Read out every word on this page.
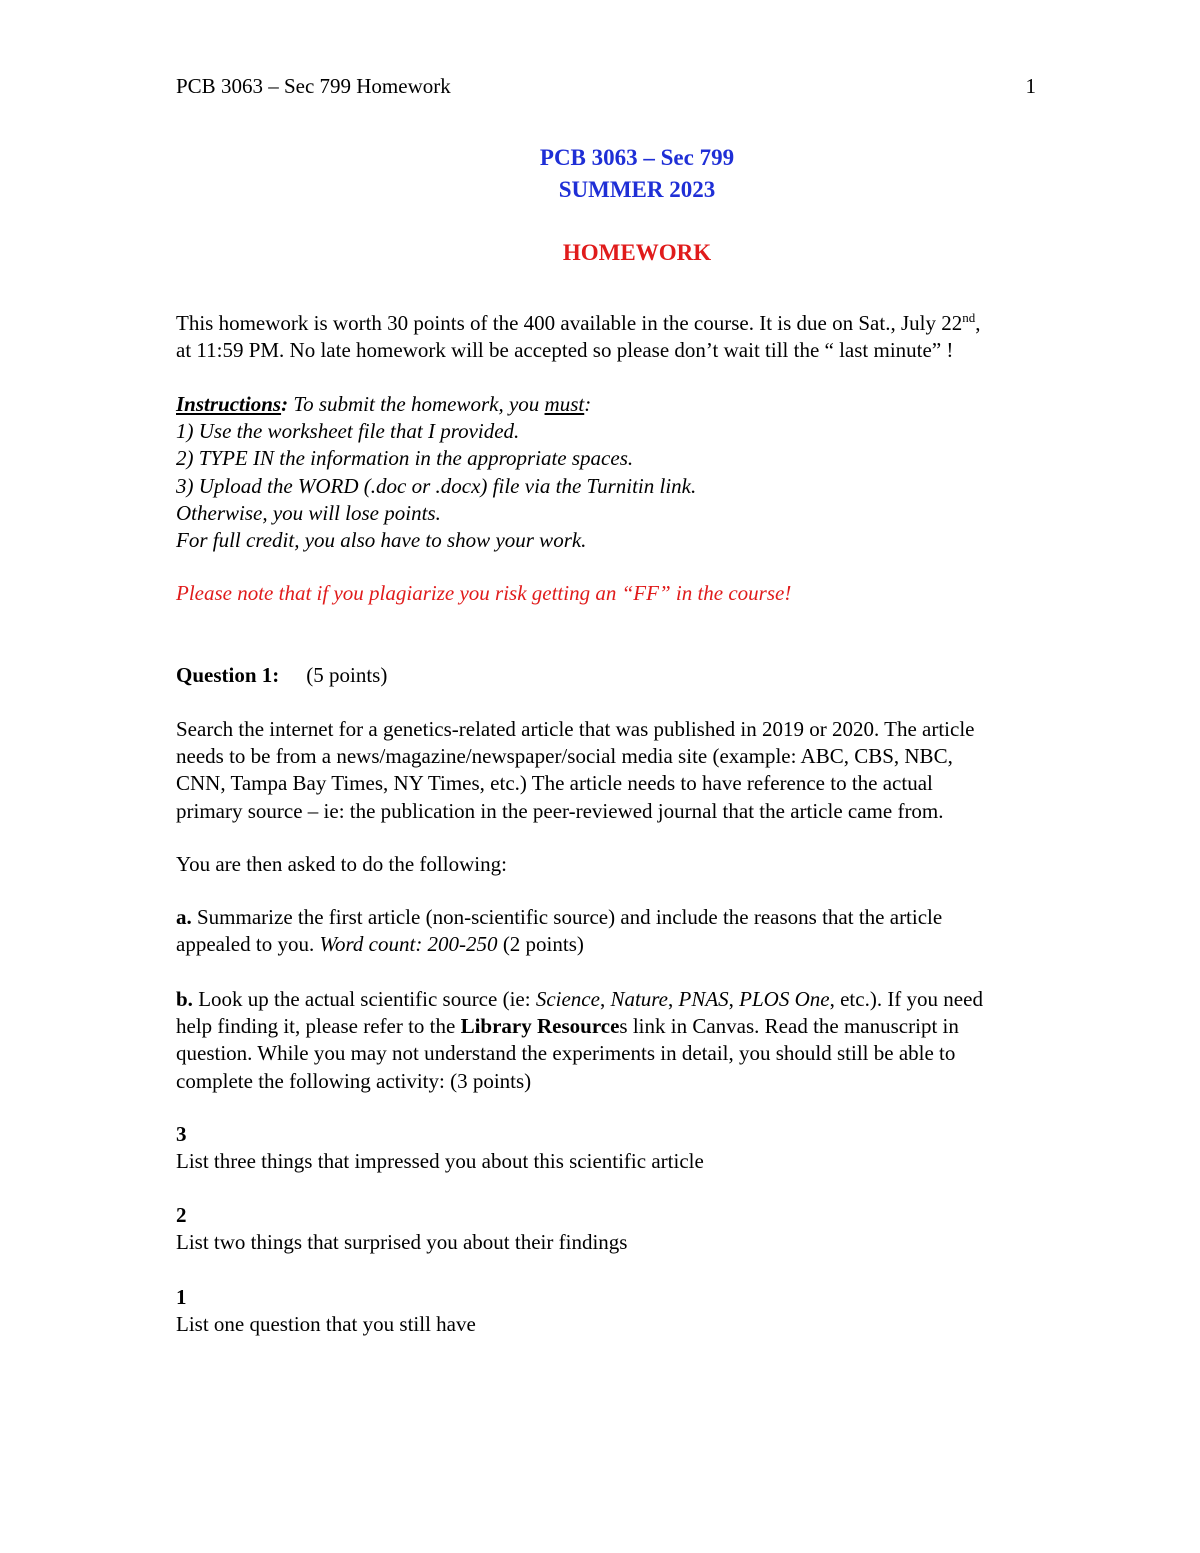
PCB 3063 – Sec 799 Homework	1
PCB 3063 – Sec 799
SUMMER 2023
HOMEWORK

This homework is worth 30 points of the 400 available in the course. It is due on Sat., July 22nd,

at 11:59 PM. No late homework will be accepted so please don’t wait till the “ last minute” !

Instructions: To submit the homework, you must:

1) Use the worksheet file that I provided.

2) TYPE IN the information in the appropriate spaces.

3) Upload the WORD (.doc or .docx) file via the Turnitin link.

Otherwise, you will lose points.

For full credit, you also have to show your work.

Please note that if you plagiarize you risk getting an “FF” in the course!
Question 1: (5 points)

Search the internet for a genetics-related article that was published in 2019 or 2020. The article

needs to be from a news/magazine/newspaper/social media site (example: ABC, CBS, NBC,

CNN, Tampa Bay Times, NY Times, etc.) The article needs to have reference to the actual

primary source – ie: the publication in the peer-reviewed journal that the article came from.

You are then asked to do the following:

a. Summarize the first article (non-scientific source) and include the reasons that the article

appealed to you. Word count: 200-250 (2 points)

b. Look up the actual scientific source (ie: Science, Nature, PNAS, PLOS One, etc.). If you need

help finding it, please refer to the Library Resources link in Canvas. Read the manuscript in

question. While you may not understand the experiments in detail, you should still be able to

complete the following activity: (3 points)

3

List three things that impressed you about this scientific article

2

List two things that surprised you about their findings

1

List one question that you still have
